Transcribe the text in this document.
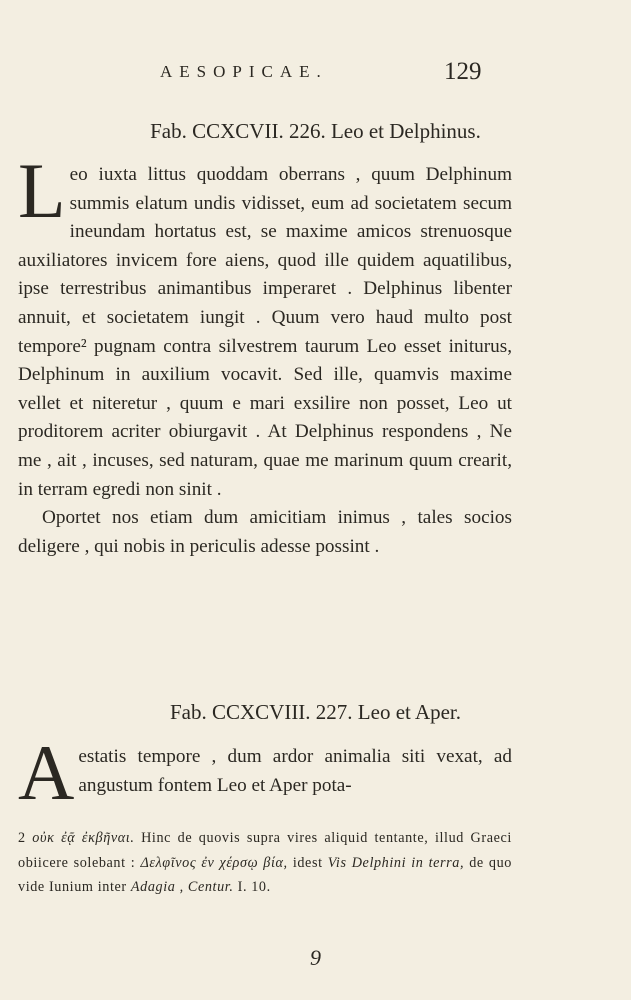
AESOPICAE.	129
Fab. CCXCVII. 226. Leo et Delphinus.

Leo iuxta littus quoddam oberrans , quum Delphinum summis elatum undis vidisset, eum ad societatem secum ineundam hortatus est, se maxime amicos strenuosque auxiliatores invicem fore aiens, quod ille quidem aquatilibus, ipse terrestribus animantibus imperaret . Delphinus libenter annuit, et societatem iungit . Quum vero haud multo post tempore² pugnam contra silvestrem taurum Leo esset initurus, Delphinum in auxilium vocavit. Sed ille, quamvis maxime vellet et niteretur , quum e mari exsilire non posset, Leo ut proditorem acriter obiurgavit . At Delphinus respondens , Ne me , ait , incuses, sed naturam, quae me marinum quum crearit, in terram egredi non sinit .

Oportet nos etiam dum amicitiam inimus , tales socios deligere , qui nobis in periculis adesse possint .

Fab. CCXCVIII. 227. Leo et Aper.

Aestatis tempore , dum ardor animalia siti vexat, ad angustum fontem Leo et Aper pota-

2 οὐκ ἐᾷ ἐκβῆναι. Hinc de quovis supra vires aliquid tentante, illud Graeci obiicere solebant : Δελφῖνος ἐν χέρσῳ βία, idest Vis Delphini in terra, de quo vide Iunium inter Adagia , Centur. I. 10.
9
